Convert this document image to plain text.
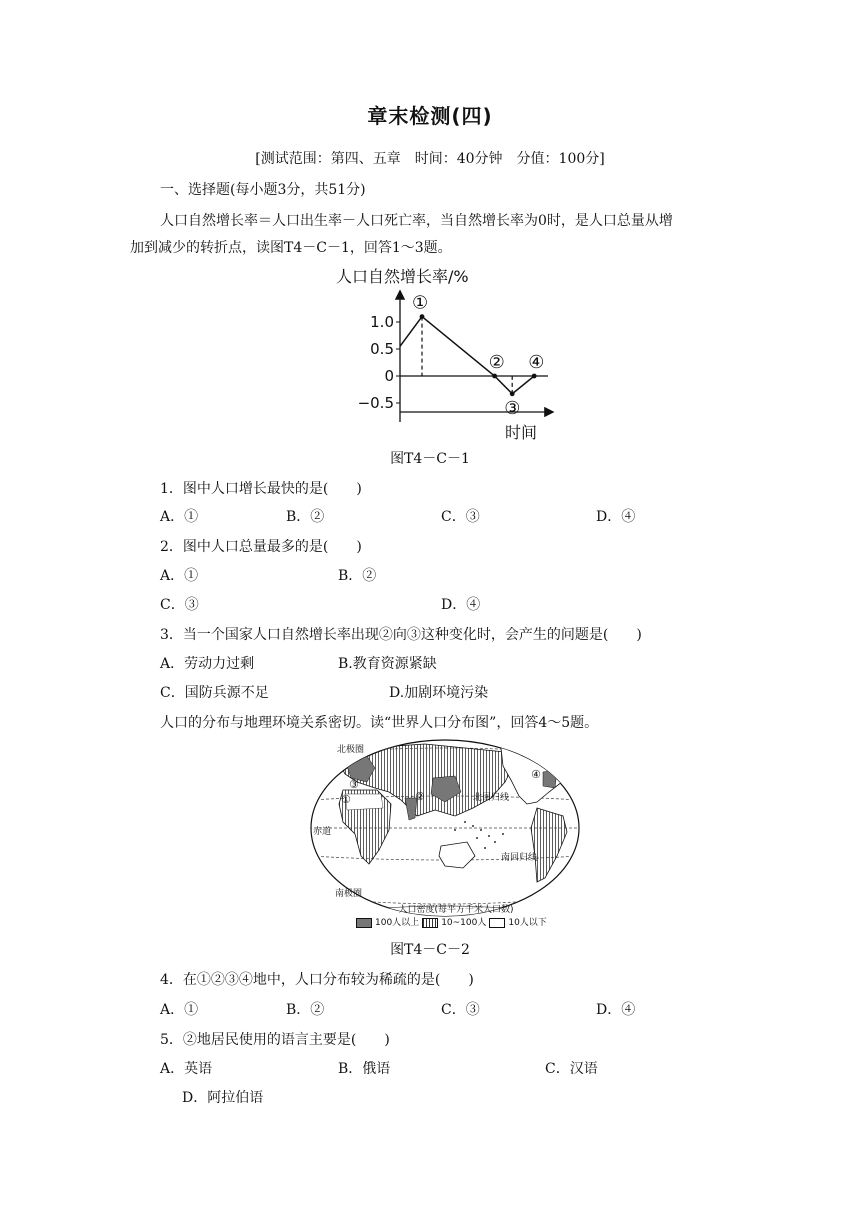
章末检测(四)
[测试范围：第四、五章　时间：40分钟　分值：100分]
一、选择题(每小题3分，共51分)
人口自然增长率＝人口出生率－人口死亡率，当自然增长率为0时，是人口总量从增
加到减少的转折点，读图T4－C－1，回答1～3题。
人口自然增长率/%
时间
1.0
0.5
0
−0.5
①
②
③
④
图T4－C－1
1．图中人口增长最快的是(　　)
A．①	B．②	C．③	D．④
2．图中人口总量最多的是(　　)
A．①	B．②
C．③	D．④
3．当一个国家人口自然增长率出现②向③这种变化时，会产生的问题是(　　)
A．劳动力过剩	B.教育资源紧缺
C．国防兵源不足	D.加剧环境污染
人口的分布与地理环境关系密切。读“世界人口分布图”，回答4～5题。
北极圈
北回归线
赤道
南回归线
南极圈
①	②
③
④
人口密度(每平方千米人口数)
100人以上 10~100人 10人以下
图T4－C－2
4．在①②③④地中，人口分布较为稀疏的是(　　)
A．①	B．②	C．③	D．④
5．②地居民使用的语言主要是(　　)
A．英语	B．俄语	C．汉语
D．阿拉伯语
